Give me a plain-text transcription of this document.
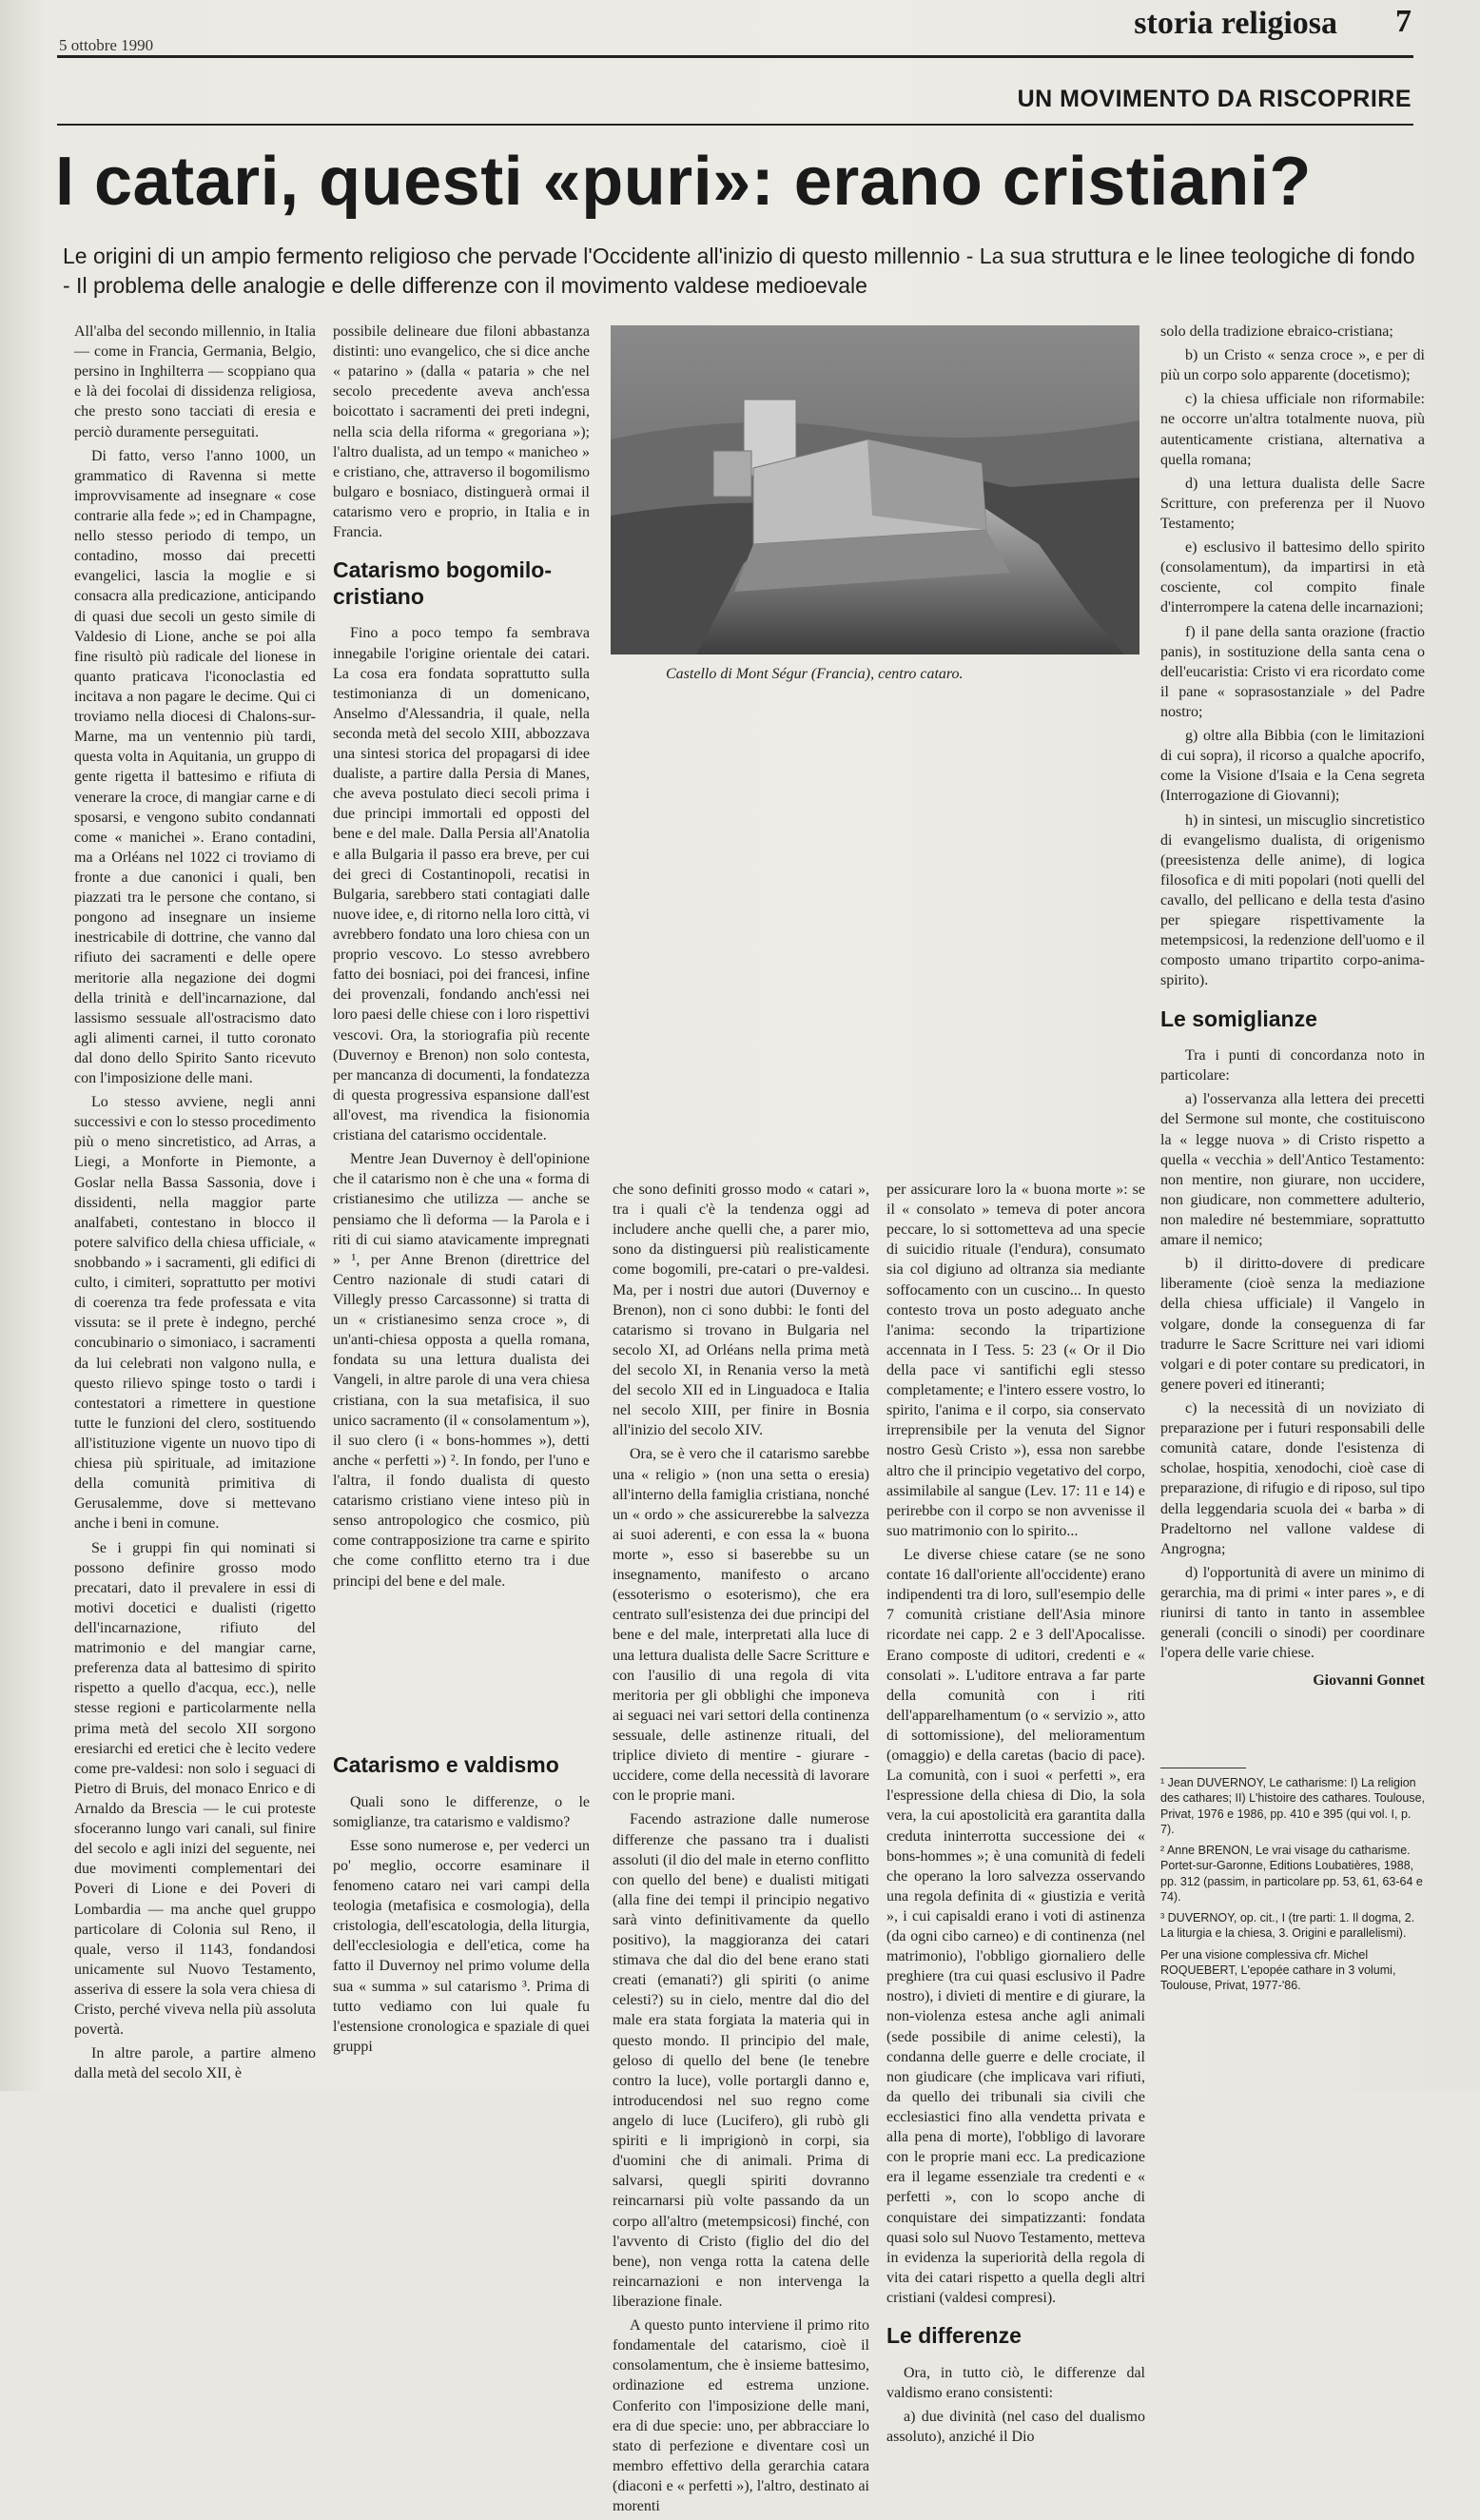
5 ottobre 1990
storia religiosa 7
UN MOVIMENTO DA RISCOPRIRE
I catari, questi «puri»: erano cristiani?
Le origini di un ampio fermento religioso che pervade l'Occidente all'inizio di questo millennio - La sua struttura e le linee teologiche di fondo - Il problema delle analogie e delle differenze con il movimento valdese medioevale

All'alba del secondo millennio, in Italia — come in Francia, Germania, Belgio, persino in Inghilterra — scoppiano qua e là dei focolai di dissidenza religiosa, che presto sono tacciati di eresia e perciò duramente perseguitati.

Di fatto, verso l'anno 1000, un grammatico di Ravenna si mette improvvisamente ad insegnare « cose contrarie alla fede »; ed in Champagne, nello stesso periodo di tempo, un contadino, mosso dai precetti evangelici, lascia la moglie e si consacra alla predicazione, anticipando di quasi due secoli un gesto simile di Valdesio di Lione, anche se poi alla fine risultò più radicale del lionese in quanto praticava l'iconoclastia ed incitava a non pagare le decime. Qui ci troviamo nella diocesi di Chalons-sur-Marne, ma un ventennio più tardi, questa volta in Aquitania, un gruppo di gente rigetta il battesimo e rifiuta di venerare la croce, di mangiar carne e di sposarsi, e vengono subito condannati come « manichei ». Erano contadini, ma a Orléans nel 1022 ci troviamo di fronte a due canonici i quali, ben piazzati tra le persone che contano, si pongono ad insegnare un insieme inestricabile di dottrine, che vanno dal rifiuto dei sacramenti e delle opere meritorie alla negazione dei dogmi della trinità e dell'incarnazione, dal lassismo sessuale all'ostracismo dato agli alimenti carnei, il tutto coronato dal dono dello Spirito Santo ricevuto con l'imposizione delle mani.

Lo stesso avviene, negli anni successivi e con lo stesso procedimento più o meno sincretistico, ad Arras, a Liegi, a Monforte in Piemonte, a Goslar nella Bassa Sassonia, dove i dissidenti, nella maggior parte analfabeti, contestano in blocco il potere salvifico della chiesa ufficiale, « snobbando » i sacramenti, gli edifici di culto, i cimiteri, soprattutto per motivi di coerenza tra fede professata e vita vissuta: se il prete è indegno, perché concubinario o simoniaco, i sacramenti da lui celebrati non valgono nulla, e questo rilievo spinge tosto o tardi i contestatori a rimettere in questione tutte le funzioni del clero, sostituendo all'istituzione vigente un nuovo tipo di chiesa più spirituale, ad imitazione della comunità primitiva di Gerusalemme, dove si mettevano anche i beni in comune.

Se i gruppi fin qui nominati si possono definire grosso modo precatari, dato il prevalere in essi di motivi docetici e dualisti (rigetto dell'incarnazione, rifiuto del matrimonio e del mangiar carne, preferenza data al battesimo di spirito rispetto a quello d'acqua, ecc.), nelle stesse regioni e particolarmente nella prima metà del secolo XII sorgono eresiarchi ed eretici che è lecito vedere come pre-valdesi: non solo i seguaci di Pietro di Bruis, del monaco Enrico e di Arnaldo da Brescia — le cui proteste sfoceranno lungo vari canali, sul finire del secolo e agli inizi del seguente, nei due movimenti complementari dei Poveri di Lione e dei Poveri di Lombardia — ma anche quel gruppo particolare di Colonia sul Reno, il quale, verso il 1143, fondandosi unicamente sul Nuovo Testamento, asseriva di essere la sola vera chiesa di Cristo, perché viveva nella più assoluta povertà.

In altre parole, a partire almeno dalla metà del secolo XII, è

possibile delineare due filoni abbastanza distinti: uno evangelico, che si dice anche « patarino » (dalla « pataria » che nel secolo precedente aveva anch'essa boicottato i sacramenti dei preti indegni, nella scia della riforma « gregoriana »); l'altro dualista, ad un tempo « manicheo » e cristiano, che, attraverso il bogomilismo bulgaro e bosniaco, distinguerà ormai il catarismo vero e proprio, in Italia e in Francia.

Catarismo bogomilo-cristiano

Fino a poco tempo fa sembrava innegabile l'origine orientale dei catari. La cosa era fondata soprattutto sulla testimonianza di un domenicano, Anselmo d'Alessandria, il quale, nella seconda metà del secolo XIII, abbozzava una sintesi storica del propagarsi di idee dualiste, a partire dalla Persia di Manes, che aveva postulato dieci secoli prima i due principi immortali ed opposti del bene e del male. Dalla Persia all'Anatolia e alla Bulgaria il passo era breve, per cui dei greci di Costantinopoli, recatisi in Bulgaria, sarebbero stati contagiati dalle nuove idee, e, di ritorno nella loro città, vi avrebbero fondato una loro chiesa con un proprio vescovo. Lo stesso avrebbero fatto dei bosniaci, poi dei francesi, infine dei provenzali, fondando anch'essi nei loro paesi delle chiese con i loro rispettivi vescovi. Ora, la storiografia più recente (Duvernoy e Brenon) non solo contesta, per mancanza di documenti, la fondatezza di questa progressiva espansione dall'est all'ovest, ma rivendica la fisionomia cristiana del catarismo occidentale.

Mentre Jean Duvernoy è dell'opinione che il catarismo non è che una « forma di cristianesimo che utilizza — anche se pensiamo che lì deforma — la Parola e i riti di cui siamo atavicamente impregnati » ¹, per Anne Brenon (direttrice del Centro nazionale di studi catari di Villegly presso Carcassonne) si tratta di un « cristianesimo senza croce », di un'anti-chiesa opposta a quella romana, fondata su una lettura dualista dei Vangeli, in altre parole di una vera chiesa cristiana, con la sua metafisica, il suo unico sacramento (il « consolamentum »), il suo clero (i « bons-hommes »), detti anche « perfetti ») ². In fondo, per l'uno e l'altra, il fondo dualista di questo catarismo cristiano viene inteso più in senso antropologico che cosmico, più come contrapposizione tra carne e spirito che come conflitto eterno tra i due principi del bene e del male.

Catarismo e valdismo

Quali sono le differenze, o le somiglianze, tra catarismo e valdismo?

Esse sono numerose e, per vederci un po' meglio, occorre esaminare il fenomeno cataro nei vari campi della teologia (metafisica e cosmologia), della cristologia, dell'escatologia, della liturgia, dell'ecclesiologia e dell'etica, come ha fatto il Duvernoy nel primo volume della sua « summa » sul catarismo ³. Prima di tutto vediamo con lui quale fu l'estensione cronologica e spaziale di quei gruppi

Castello di Mont Ségur (Francia), centro cataro.

che sono definiti grosso modo « catari », tra i quali c'è la tendenza oggi ad includere anche quelli che, a parer mio, sono da distinguersi più realisticamente come bogomili, pre-catari o pre-valdesi. Ma, per i nostri due autori (Duvernoy e Brenon), non ci sono dubbi: le fonti del catarismo si trovano in Bulgaria nel secolo XI, ad Orléans nella prima metà del secolo XI, in Renania verso la metà del secolo XII ed in Linguadoca e Italia nel secolo XIII, per finire in Bosnia all'inizio del secolo XIV.

Ora, se è vero che il catarismo sarebbe una « religio » (non una setta o eresia) all'interno della famiglia cristiana, nonché un « ordo » che assicurerebbe la salvezza ai suoi aderenti, e con essa la « buona morte », esso si baserebbe su un insegnamento, manifesto o arcano (essoterismo o esoterismo), che era centrato sull'esistenza dei due principi del bene e del male, interpretati alla luce di una lettura dualista delle Sacre Scritture e con l'ausilio di una regola di vita meritoria per gli obblighi che imponeva ai seguaci nei vari settori della continenza sessuale, delle astinenze rituali, del triplice divieto di mentire - giurare - uccidere, come della necessità di lavorare con le proprie mani.

Facendo astrazione dalle numerose differenze che passano tra i dualisti assoluti (il dio del male in eterno conflitto con quello del bene) e dualisti mitigati (alla fine dei tempi il principio negativo sarà vinto definitivamente da quello positivo), la maggioranza dei catari stimava che dal dio del bene erano stati creati (emanati?) gli spiriti (o anime celesti?) su in cielo, mentre dal dio del male era stata forgiata la materia qui in questo mondo. Il principio del male, geloso di quello del bene (le tenebre contro la luce), volle portargli danno e, introducendosi nel suo regno come angelo di luce (Lucifero), gli rubò gli spiriti e li imprigionò in corpi, sia d'uomini che di animali. Prima di salvarsi, quegli spiriti dovranno reincarnarsi più volte passando da un corpo all'altro (metempsicosi) finché, con l'avvento di Cristo (figlio del dio del bene), non venga rotta la catena delle reincarnazioni e non intervenga la liberazione finale.

A questo punto interviene il primo rito fondamentale del catarismo, cioè il consolamentum, che è insieme battesimo, ordinazione ed estrema unzione. Conferito con l'imposizione delle mani, era di due specie: uno, per abbracciare lo stato di perfezione e diventare così un membro effettivo della gerarchia catara (diaconi e « perfetti »), l'altro, destinato ai morenti

per assicurare loro la « buona morte »: se il « consolato » temeva di poter ancora peccare, lo si sottometteva ad una specie di suicidio rituale (l'endura), consumato sia col digiuno ad oltranza sia mediante soffocamento con un cuscino... In questo contesto trova un posto adeguato anche l'anima: secondo la tripartizione accennata in I Tess. 5: 23 (« Or il Dio della pace vi santifichi egli stesso completamente; e l'intero essere vostro, lo spirito, l'anima e il corpo, sia conservato irreprensibile per la venuta del Signor nostro Gesù Cristo »), essa non sarebbe altro che il principio vegetativo del corpo, assimilabile al sangue (Lev. 17: 11 e 14) e perirebbe con il corpo se non avvenisse il suo matrimonio con lo spirito...

Le diverse chiese catare (se ne sono contate 16 dall'oriente all'occidente) erano indipendenti tra di loro, sull'esempio delle 7 comunità cristiane dell'Asia minore ricordate nei capp. 2 e 3 dell'Apocalisse. Erano composte di uditori, credenti e « consolati ». L'uditore entrava a far parte della comunità con i riti dell'apparelhamentum (o « servizio », atto di sottomissione), del melioramentum (omaggio) e della caretas (bacio di pace). La comunità, con i suoi « perfetti », era l'espressione della chiesa di Dio, la sola vera, la cui apostolicità era garantita dalla creduta ininterrotta successione dei « bons-hommes »; è una comunità di fedeli che operano la loro salvezza osservando una regola definita di « giustizia e verità », i cui capisaldi erano i voti di astinenza (da ogni cibo carneo) e di continenza (nel matrimonio), l'obbligo giornaliero delle preghiere (tra cui quasi esclusivo il Padre nostro), i divieti di mentire e di giurare, la non-violenza estesa anche agli animali (sede possibile di anime celesti), la condanna delle guerre e delle crociate, il non giudicare (che implicava vari rifiuti, da quello dei tribunali sia civili che ecclesiastici fino alla vendetta privata e alla pena di morte), l'obbligo di lavorare con le proprie mani ecc. La predicazione era il legame essenziale tra credenti e « perfetti », con lo scopo anche di conquistare dei simpatizzanti: fondata quasi solo sul Nuovo Testamento, metteva in evidenza la superiorità della regola di vita dei catari rispetto a quella degli altri cristiani (valdesi compresi).

Le differenze

Ora, in tutto ciò, le differenze dal valdismo erano consistenti:

a) due divinità (nel caso del dualismo assoluto), anziché il Dio

solo della tradizione ebraico-cristiana;

b) un Cristo « senza croce », e per di più un corpo solo apparente (docetismo);

c) la chiesa ufficiale non riformabile: ne occorre un'altra totalmente nuova, più autenticamente cristiana, alternativa a quella romana;

d) una lettura dualista delle Sacre Scritture, con preferenza per il Nuovo Testamento;

e) esclusivo il battesimo dello spirito (consolamentum), da impartirsi in età cosciente, col compito finale d'interrompere la catena delle incarnazioni;

f) il pane della santa orazione (fractio panis), in sostituzione della santa cena o dell'eucaristia: Cristo vi era ricordato come il pane « soprasostanziale » del Padre nostro;

g) oltre alla Bibbia (con le limitazioni di cui sopra), il ricorso a qualche apocrifo, come la Visione d'Isaia e la Cena segreta (Interrogazione di Giovanni);

h) in sintesi, un miscuglio sincretistico di evangelismo dualista, di origenismo (preesistenza delle anime), di logica filosofica e di miti popolari (noti quelli del cavallo, del pellicano e della testa d'asino per spiegare rispettivamente la metempsicosi, la redenzione dell'uomo e il composto umano tripartito corpo-anima-spirito).

Le somiglianze

Tra i punti di concordanza noto in particolare:

a) l'osservanza alla lettera dei precetti del Sermone sul monte, che costituiscono la « legge nuova » di Cristo rispetto a quella « vecchia » dell'Antico Testamento: non mentire, non giurare, non uccidere, non giudicare, non commettere adulterio, non maledire né bestemmiare, soprattutto amare il nemico;

b) il diritto-dovere di predicare liberamente (cioè senza la mediazione della chiesa ufficiale) il Vangelo in volgare, donde la conseguenza di far tradurre le Sacre Scritture nei vari idiomi volgari e di poter contare su predicatori, in genere poveri ed itineranti;

c) la necessità di un noviziato di preparazione per i futuri responsabili delle comunità catare, donde l'esistenza di scholae, hospitia, xenodochi, cioè case di preparazione, di rifugio e di riposo, sul tipo della leggendaria scuola dei « barba » di Pradeltorno nel vallone valdese di Angrogna;

d) l'opportunità di avere un minimo di gerarchia, ma di primi « inter pares », e di riunirsi di tanto in tanto in assemblee generali (concili o sinodi) per coordinare l'opera delle varie chiese.

Giovanni Gonnet

¹ Jean DUVERNOY, Le catharisme: I) La religion des cathares; II) L'histoire des cathares. Toulouse, Privat, 1976 e 1986, pp. 410 e 395 (qui vol. I, p. 7).

² Anne BRENON, Le vrai visage du catharisme. Portet-sur-Garonne, Editions Loubatières, 1988, pp. 312 (passim, in particolare pp. 53, 61, 63-64 e 74).

³ DUVERNOY, op. cit., I (tre parti: 1. Il dogma, 2. La liturgia e la chiesa, 3. Origini e parallelismi).

Per una visione complessiva cfr. Michel ROQUEBERT, L'epopée cathare in 3 volumi, Toulouse, Privat, 1977-'86.
